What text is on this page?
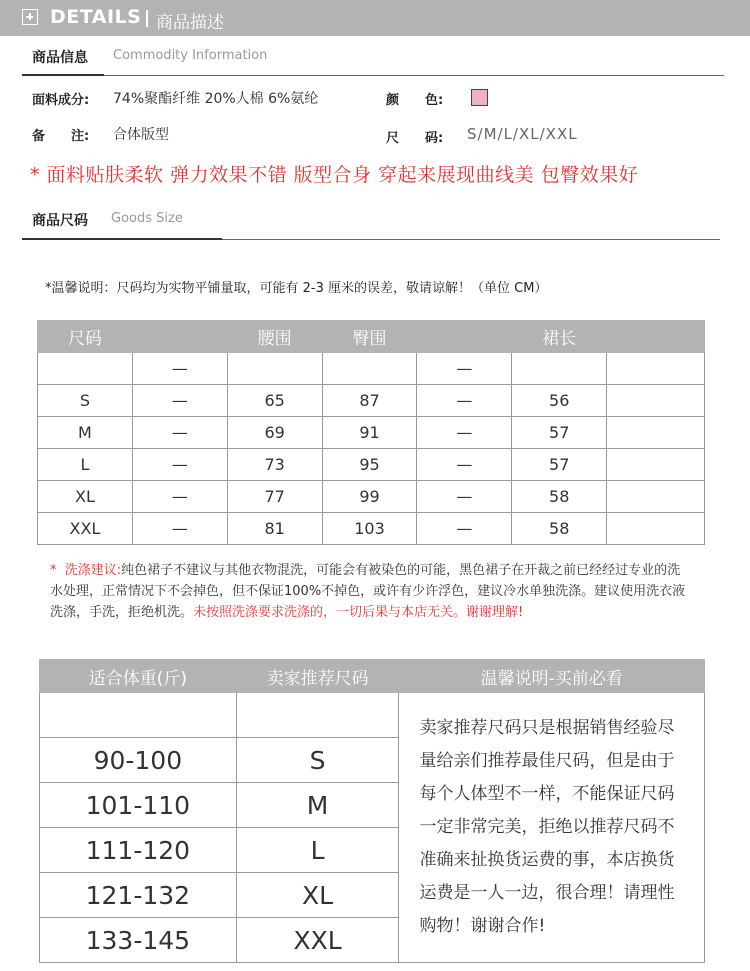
DETAILS 商品描述
商品信息 Commodity Information
面料成分: 74%聚酯纤维 20%人棉 6%氨纶	颜　　色:
备　　注: 合体版型	尺　　码: S/M/L/XL/XXL
* 面料贴肤柔软 弹力效果不错 版型合身 穿起来展现曲线美 包臀效果好
商品尺码 Goods Size
*温馨说明：尺码均为实物平铺量取，可能有 2-3 厘米的误差，敬请谅解！（单位 CM）
尺码		腰围	臀围		裙长	
	—			—		
S	—	65	87	—	56	
M	—	69	91	—	57	
L	—	73	95	—	57	
XL	—	77	99	—	58	
XXL	—	81	103	—	58	
* 洗涤建议:纯色裙子不建议与其他衣物混洗，可能会有被染色的可能，黑色裙子在开裁之前已经经过专业的洗水处理，正常情况下不会掉色，但不保证100%不掉色，或许有少许浮色，建议冷水单独洗涤。建议使用洗衣液洗涤，手洗，拒绝机洗。未按照洗涤要求洗涤的，一切后果与本店无关。谢谢理解!
适合体重(斤)	卖家推荐尺码	温馨说明-买前必看
		卖家推荐尺码只是根据销售经验尽量给亲们推荐最佳尺码，但是由于每个人体型不一样，不能保证尺码一定非常完美，拒绝以推荐尺码不准确来扯换货运费的事，本店换货运费是一人一边，很合理！请理性购物！谢谢合作!
90-100	S	
101-110	M	
111-120	L	
121-132	XL	
133-145	XXL	
